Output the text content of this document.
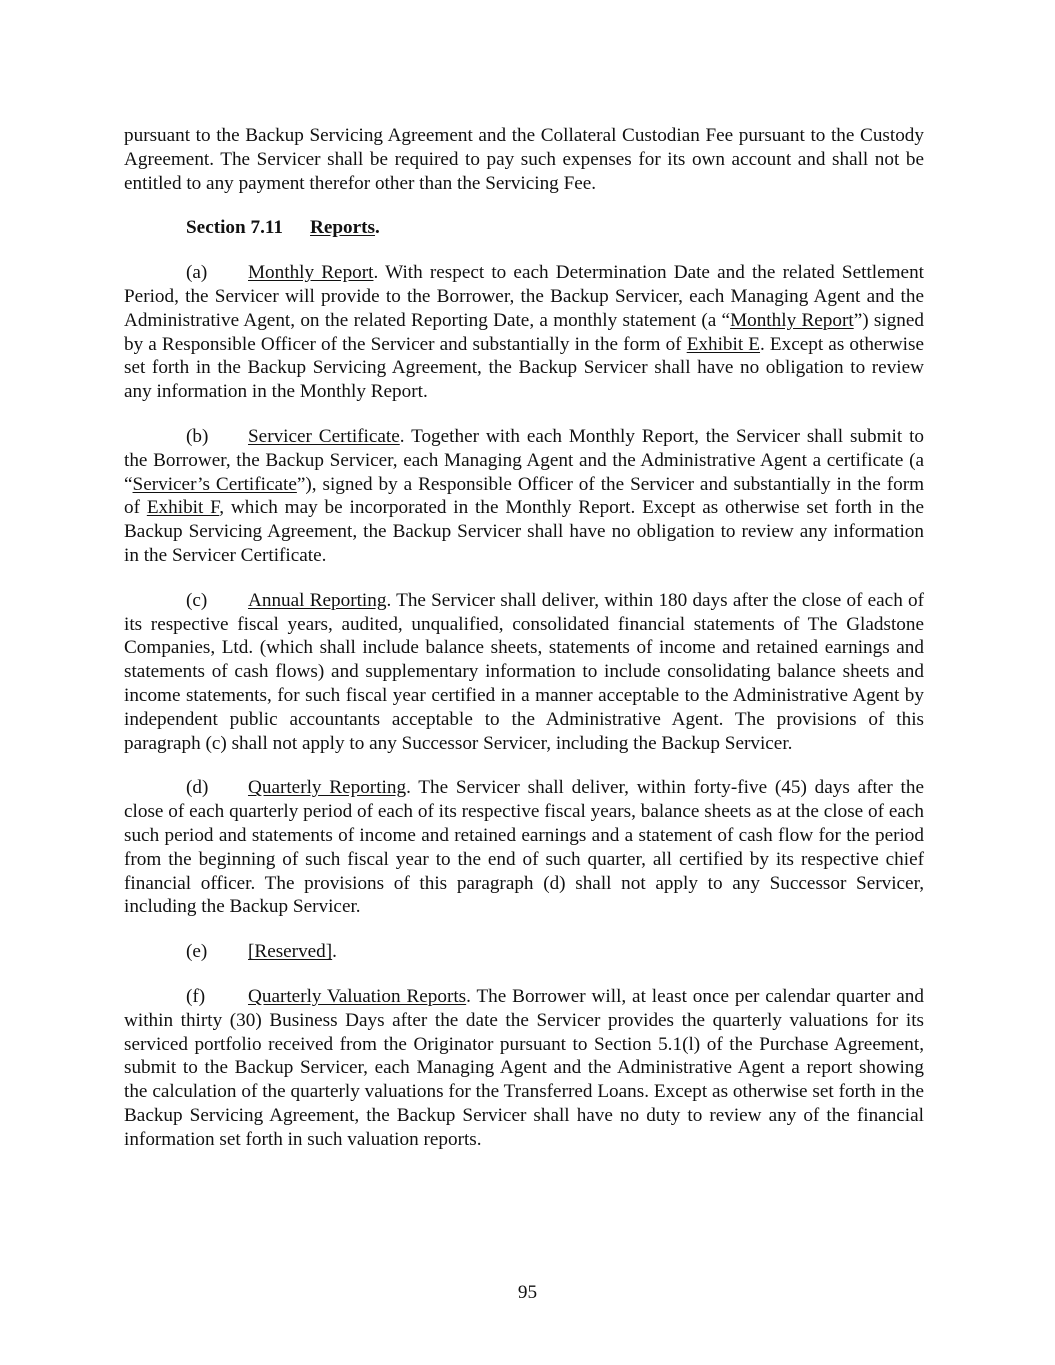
pursuant to the Backup Servicing Agreement and the Collateral Custodian Fee pursuant to the Custody Agreement. The Servicer shall be required to pay such expenses for its own account and shall not be entitled to any payment therefor other than the Servicing Fee.

Section 7.11 Reports.

(a) Monthly Report. With respect to each Determination Date and the related Settlement Period, the Servicer will provide to the Borrower, the Backup Servicer, each Managing Agent and the Administrative Agent, on the related Reporting Date, a monthly statement (a “Monthly Report”) signed by a Responsible Officer of the Servicer and substantially in the form of Exhibit E. Except as otherwise set forth in the Backup Servicing Agreement, the Backup Servicer shall have no obligation to review any information in the Monthly Report.

(b) Servicer Certificate. Together with each Monthly Report, the Servicer shall submit to the Borrower, the Backup Servicer, each Managing Agent and the Administrative Agent a certificate (a “Servicer’s Certificate”), signed by a Responsible Officer of the Servicer and substantially in the form of Exhibit F, which may be incorporated in the Monthly Report. Except as otherwise set forth in the Backup Servicing Agreement, the Backup Servicer shall have no obligation to review any information in the Servicer Certificate.

(c) Annual Reporting. The Servicer shall deliver, within 180 days after the close of each of its respective fiscal years, audited, unqualified, consolidated financial statements of The Gladstone Companies, Ltd. (which shall include balance sheets, statements of income and retained earnings and statements of cash flows) and supplementary information to include consolidating balance sheets and income statements, for such fiscal year certified in a manner acceptable to the Administrative Agent by independent public accountants acceptable to the Administrative Agent. The provisions of this paragraph (c) shall not apply to any Successor Servicer, including the Backup Servicer.

(d) Quarterly Reporting. The Servicer shall deliver, within forty-five (45) days after the close of each quarterly period of each of its respective fiscal years, balance sheets as at the close of each such period and statements of income and retained earnings and a statement of cash flow for the period from the beginning of such fiscal year to the end of such quarter, all certified by its respective chief financial officer. The provisions of this paragraph (d) shall not apply to any Successor Servicer, including the Backup Servicer.

(e) [Reserved].

(f) Quarterly Valuation Reports. The Borrower will, at least once per calendar quarter and within thirty (30) Business Days after the date the Servicer provides the quarterly valuations for its serviced portfolio received from the Originator pursuant to Section 5.1(l) of the Purchase Agreement, submit to the Backup Servicer, each Managing Agent and the Administrative Agent a report showing the calculation of the quarterly valuations for the Transferred Loans. Except as otherwise set forth in the Backup Servicing Agreement, the Backup Servicer shall have no duty to review any of the financial information set forth in such valuation reports.

95
